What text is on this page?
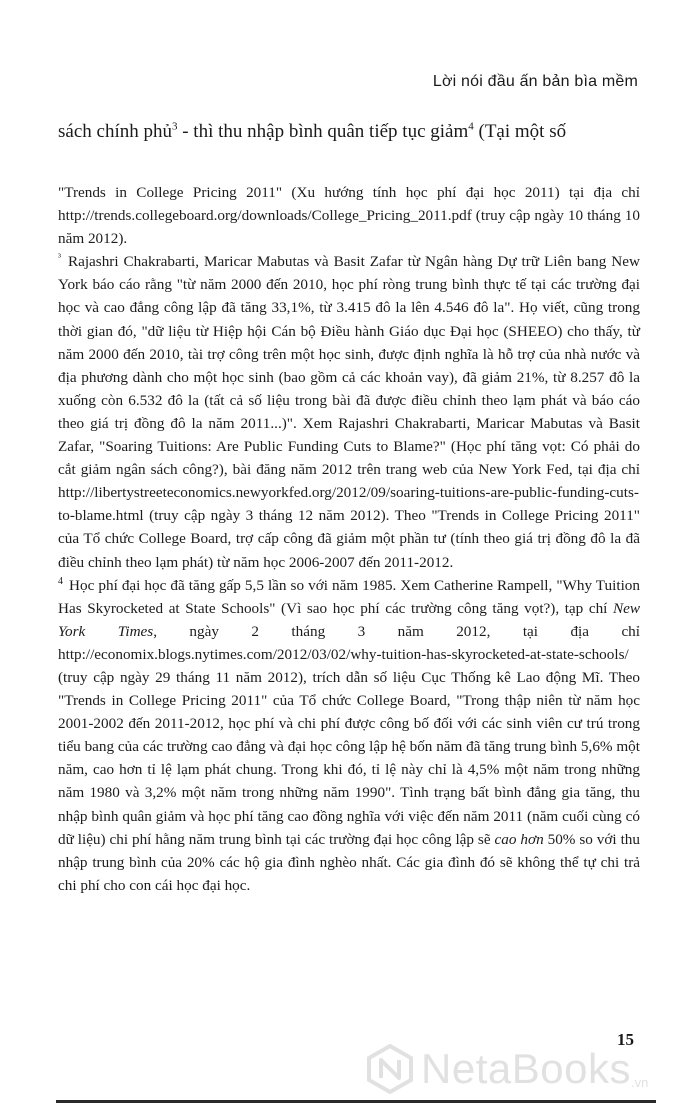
Lời nói đầu ấn bản bìa mềm
sách chính phủ$^3$ - thì thu nhập bình quân tiếp tục giảm$^4$ (Tại một số

"Trends in College Pricing 2011" (Xu hướng tính học phí đại học 2011) tại địa chỉ http://trends.collegeboard.org/downloads/College_Pricing_2011.pdf (truy cập ngày 10 tháng 10 năm 2012).

$^{^3}$ Rajashri Chakrabarti, Maricar Mabutas và Basit Zafar từ Ngân hàng Dự trữ Liên bang New York báo cáo rằng "từ năm 2000 đến 2010, học phí ròng trung bình thực tế tại các trường đại học và cao đẳng công lập đã tăng 33,1%, từ 3.415 đô la lên 4.546 đô la". Họ viết, cũng trong thời gian đó, "dữ liệu từ Hiệp hội Cán bộ Điều hành Giáo dục Đại học (SHEEO) cho thấy, từ năm 2000 đến 2010, tài trợ công trên một học sinh, được định nghĩa là hỗ trợ của nhà nước và địa phương dành cho một học sinh (bao gồm cả các khoản vay), đã giảm 21%, từ 8.257 đô la xuống còn 6.532 đô la (tất cả số liệu trong bài đã được điều chỉnh theo lạm phát và báo cáo theo giá trị đồng đô la năm 2011...)". Xem Rajashri Chakrabarti, Maricar Mabutas và Basit Zafar, "Soaring Tuitions: Are Public Funding Cuts to Blame?" (Học phí tăng vọt: Có phải do cắt giảm ngân sách công?), bài đăng năm 2012 trên trang web của New York Fed, tại địa chỉ http://libertystreeteconomics.newyorkfed.org/2012/09/soaring-tuitions-are-public-funding-cuts-to-blame.html (truy cập ngày 3 tháng 12 năm 2012). Theo "Trends in College Pricing 2011" của Tổ chức College Board, trợ cấp công đã giảm một phần tư (tính theo giá trị đồng đô la đã điều chỉnh theo lạm phát) từ năm học 2006-2007 đến 2011-2012.

$^4$ Học phí đại học đã tăng gấp 5,5 lần so với năm 1985. Xem Catherine Rampell, "Why Tuition Has Skyrocketed at State Schools" (Vì sao học phí các trường công tăng vọt?), tạp chí New York Times, ngày 2 tháng 3 năm 2012, tại địa chỉ http://economix.blogs.nytimes.com/2012/03/02/why-tuition-has-skyrocketed-at-state-schools/ (truy cập ngày 29 tháng 11 năm 2012), trích dẫn số liệu Cục Thống kê Lao động Mĩ. Theo "Trends in College Pricing 2011" của Tổ chức College Board, "Trong thập niên từ năm học 2001-2002 đến 2011-2012, học phí và chi phí được công bố đối với các sinh viên cư trú trong tiểu bang của các trường cao đẳng và đại học công lập hệ bốn năm đã tăng trung bình 5,6% một năm, cao hơn tỉ lệ lạm phát chung. Trong khi đó, tỉ lệ này chỉ là 4,5% một năm trong những năm 1980 và 3,2% một năm trong những năm 1990". Tình trạng bất bình đẳng gia tăng, thu nhập bình quân giảm và học phí tăng cao đồng nghĩa với việc đến năm 2011 (năm cuối cùng có dữ liệu) chi phí hằng năm trung bình tại các trường đại học công lập sẽ cao hơn 50% so với thu nhập trung bình của 20% các hộ gia đình nghèo nhất. Các gia đình đó sẽ không thể tự chi trả chi phí cho con cái học đại học.

15
NetaBooks .vn
